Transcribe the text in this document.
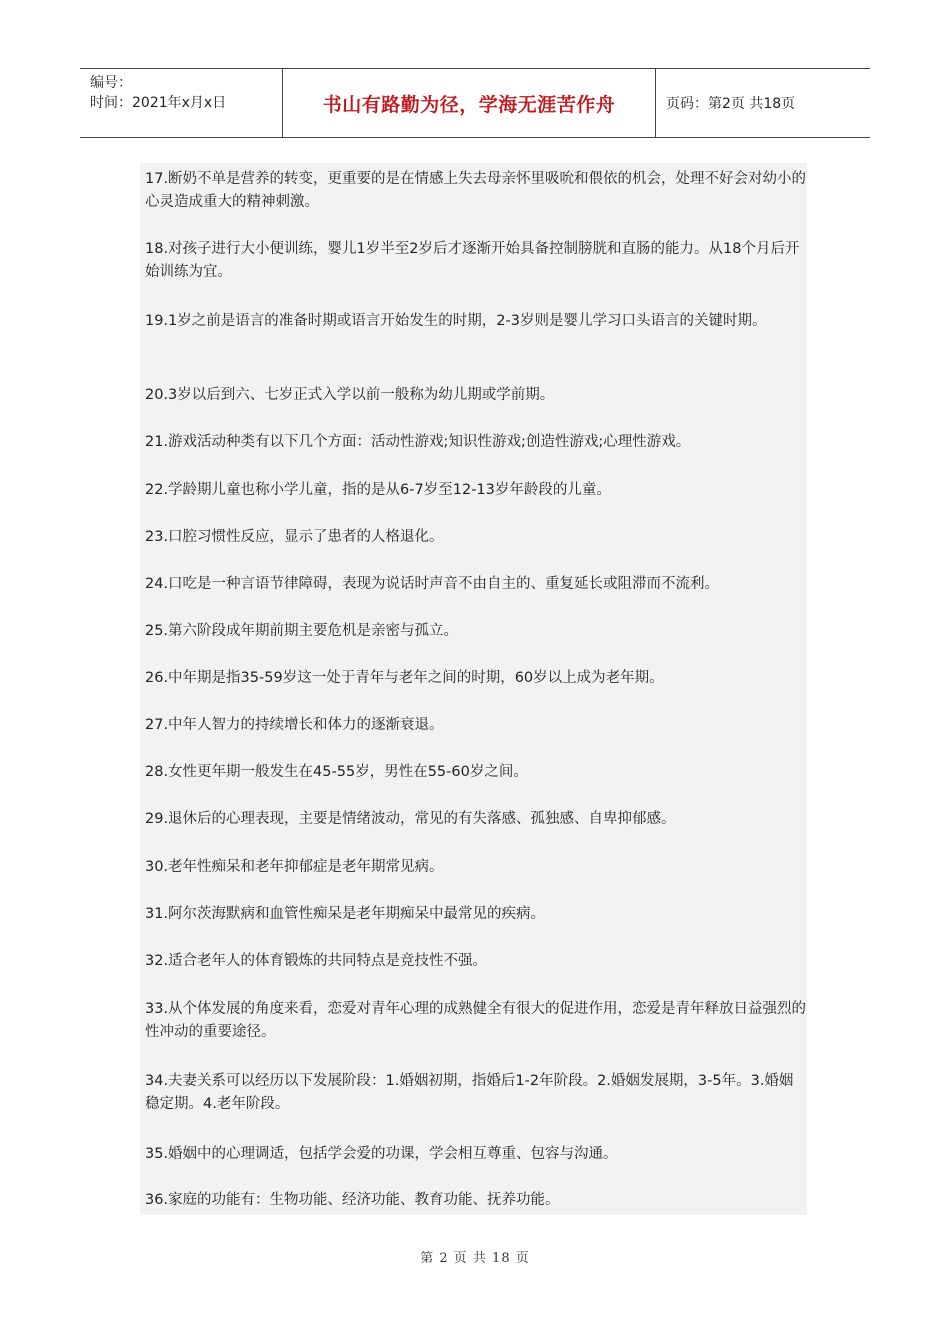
编号：
时间：2021年x月x日	书山有路勤为径，学海无涯苦作舟	页码：第2页 共18页
17.断奶不单是营养的转变，更重要的是在情感上失去母亲怀里吸吮和偎依的机会，处理不好会对幼小的心灵造成重大的精神刺激。
18.对孩子进行大小便训练，婴儿1岁半至2岁后才逐渐开始具备控制膀胱和直肠的能力。从18个月后开始训练为宜。
19.1岁之前是语言的准备时期或语言开始发生的时期，2-3岁则是婴儿学习口头语言的关键时期。
20.3岁以后到六、七岁正式入学以前一般称为幼儿期或学前期。
21.游戏活动种类有以下几个方面：活动性游戏;知识性游戏;创造性游戏;心理性游戏。
22.学龄期儿童也称小学儿童，指的是从6-7岁至12-13岁年龄段的儿童。
23.口腔习惯性反应，显示了患者的人格退化。
24.口吃是一种言语节律障碍，表现为说话时声音不由自主的、重复延长或阻滞而不流利。
25.第六阶段成年期前期主要危机是亲密与孤立。
26.中年期是指35-59岁这一处于青年与老年之间的时期，60岁以上成为老年期。
27.中年人智力的持续增长和体力的逐渐衰退。
28.女性更年期一般发生在45-55岁，男性在55-60岁之间。
29.退休后的心理表现，主要是情绪波动，常见的有失落感、孤独感、自卑抑郁感。
30.老年性痴呆和老年抑郁症是老年期常见病。
31.阿尔茨海默病和血管性痴呆是老年期痴呆中最常见的疾病。
32.适合老年人的体育锻炼的共同特点是竞技性不强。
33.从个体发展的角度来看，恋爱对青年心理的成熟健全有很大的促进作用，恋爱是青年释放日益强烈的性冲动的重要途径。
34.夫妻关系可以经历以下发展阶段：1.婚姻初期，指婚后1-2年阶段。2.婚姻发展期，3-5年。3.婚姻稳定期。4.老年阶段。
35.婚姻中的心理调适，包括学会爱的功课，学会相互尊重、包容与沟通。
36.家庭的功能有：生物功能、经济功能、教育功能、抚养功能。
第 2 页 共 18 页
